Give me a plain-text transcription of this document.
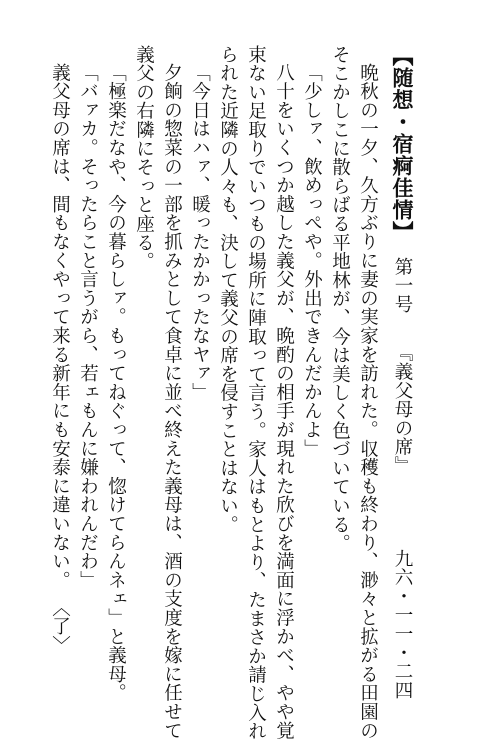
【随想・宿痾佳情】第一号『義父母の席』九六・一一・二四
晩秋の一夕、久方ぶりに妻の実家を訪れた。収穫も終わり、渺々と拡がる田園の
そこかしこに散らばる平地林が、今は美しく色づいている。
「少しァ、飲めっぺや。外出できんだかんよ」
八十をいくつか越した義父が、晩酌の相手が現れた欣びを満面に浮かべ、やや覚
束ない足取りでいつもの場所に陣取って言う。家人はもとより、たまさか請じ入れ
られた近隣の人々も、決して義父の席を侵すことはない。
「今日はハァ、暖ったかかったなヤァ」
夕餉の惣菜の一部を抓みとして食卓に並べ終えた義母は、酒の支度を嫁に任せて
義父の右隣にそっと座る。
「極楽だなや、今の暮らしァ。もってねぐって、惚けてらんネェ」と義母。
「バァカ。そったらこと言うがら、若ェもんに嫌われんだわ」
義父母の席は、間もなくやって来る新年にも安泰に違いない。
〈了〉
